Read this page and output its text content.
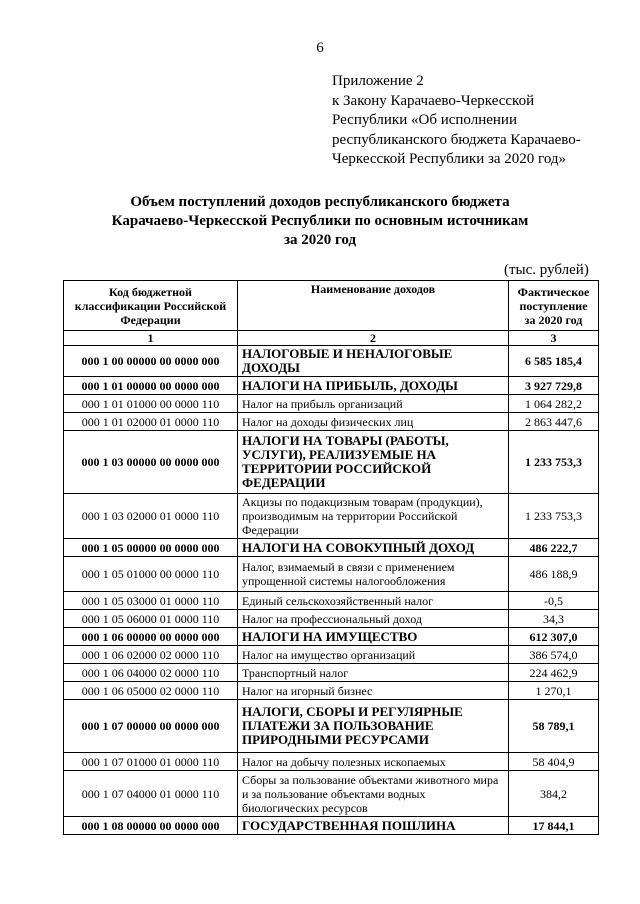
6
Приложение 2
к Закону Карачаево-Черкесской
Республики «Об исполнении
республиканского бюджета Карачаево-
Черкесской Республики за 2020 год»
Объем поступлений доходов республиканского бюджета
Карачаево-Черкесской Республики по основным источникам
за 2020 год
(тыс. рублей)
Код бюджетной классификации Российской Федерации	Наименование доходов	Фактическое поступление за 2020 год
1	2	3
000 1 00 00000 00 0000 000	НАЛОГОВЫЕ И НЕНАЛОГОВЫЕ ДОХОДЫ	6 585 185,4
000 1 01 00000 00 0000 000	НАЛОГИ НА ПРИБЫЛЬ, ДОХОДЫ	3 927 729,8
000 1 01 01000 00 0000 110	Налог на прибыль организаций	1 064 282,2
000 1 01 02000 01 0000 110	Налог на доходы физических лиц	2 863 447,6
000 1 03 00000 00 0000 000	НАЛОГИ НА ТОВАРЫ (РАБОТЫ, УСЛУГИ), РЕАЛИЗУЕМЫЕ НА ТЕРРИТОРИИ РОССИЙСКОЙ ФЕДЕРАЦИИ	1 233 753,3
000 1 03 02000 01 0000 110	Акцизы по подакцизным товарам (продукции), производимым на территории Российской Федерации	1 233 753,3
000 1 05 00000 00 0000 000	НАЛОГИ НА СОВОКУПНЫЙ ДОХОД	486 222,7
000 1 05 01000 00 0000 110	Налог, взимаемый в связи с применением упрощенной системы налогообложения	486 188,9
000 1 05 03000 01 0000 110	Единый сельскохозяйственный налог	-0,5
000 1 05 06000 01 0000 110	Налог на профессиональный доход	34,3
000 1 06 00000 00 0000 000	НАЛОГИ НА ИМУЩЕСТВО	612 307,0
000 1 06 02000 02 0000 110	Налог на имущество организаций	386 574,0
000 1 06 04000 02 0000 110	Транспортный налог	224 462,9
000 1 06 05000 02 0000 110	Налог на игорный бизнес	1 270,1
000 1 07 00000 00 0000 000	НАЛОГИ, СБОРЫ И РЕГУЛЯРНЫЕ ПЛАТЕЖИ ЗА ПОЛЬЗОВАНИЕ ПРИРОДНЫМИ РЕСУРСАМИ	58 789,1
000 1 07 01000 01 0000 110	Налог на добычу полезных ископаемых	58 404,9
000 1 07 04000 01 0000 110	Сборы за пользование объектами животного мира и за пользование объектами водных биологических ресурсов	384,2
000 1 08 00000 00 0000 000	ГОСУДАРСТВЕННАЯ ПОШЛИНА	17 844,1
